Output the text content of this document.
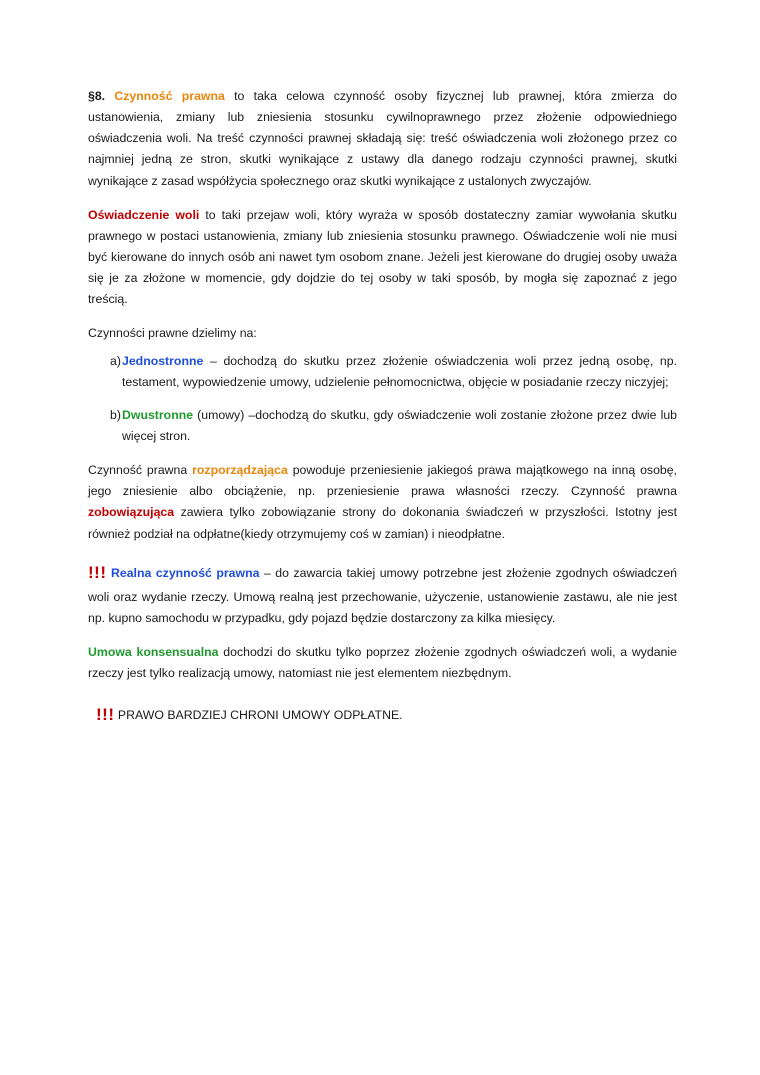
§8. Czynność prawna to taka celowa czynność osoby fizycznej lub prawnej, która zmierza do ustanowienia, zmiany lub zniesienia stosunku cywilnoprawnego przez złożenie odpowiedniego oświadczenia woli. Na treść czynności prawnej składają się: treść oświadczenia woli złożonego przez co najmniej jedną ze stron, skutki wynikające z ustawy dla danego rodzaju czynności prawnej, skutki wynikające z zasad współżycia społecznego oraz skutki wynikające z ustalonych zwyczajów.

Oświadczenie woli to taki przejaw woli, który wyraża w sposób dostateczny zamiar wywołania skutku prawnego w postaci ustanowienia, zmiany lub zniesienia stosunku prawnego. Oświadczenie woli nie musi być kierowane do innych osób ani nawet tym osobom znane. Jeżeli jest kierowane do drugiej osoby uważa się je za złożone w momencie, gdy dojdzie do tej osoby w taki sposób, by mogła się zapoznać z jego treścią.

Czynności prawne dzielimy na:

a) Jednostronne – dochodzą do skutku przez złożenie oświadczenia woli przez jedną osobę, np. testament, wypowiedzenie umowy, udzielenie pełnomocnictwa, objęcie w posiadanie rzeczy niczyjej;
b) Dwustronne (umowy) –dochodzą do skutku, gdy oświadczenie woli zostanie złożone przez dwie lub więcej stron.

Czynność prawna rozporządzająca powoduje przeniesienie jakiegoś prawa majątkowego na inną osobę, jego zniesienie albo obciążenie, np. przeniesienie prawa własności rzeczy. Czynność prawna zobowiązująca zawiera tylko zobowiązanie strony do dokonania świadczeń w przyszłości. Istotny jest również podział na odpłatne(kiedy otrzymujemy coś w zamian) i nieodpłatne.

!!! Realna czynność prawna – do zawarcia takiej umowy potrzebne jest złożenie zgodnych oświadczeń woli oraz wydanie rzeczy. Umową realną jest przechowanie, użyczenie, ustanowienie zastawu, ale nie jest np. kupno samochodu w przypadku, gdy pojazd będzie dostarczony za kilka miesięcy.

Umowa konsensualna dochodzi do skutku tylko poprzez złożenie zgodnych oświadczeń woli, a wydanie rzeczy jest tylko realizacją umowy, natomiast nie jest elementem niezbędnym.

!!! PRAWO BARDZIEJ CHRONI UMOWY ODPŁATNE.
